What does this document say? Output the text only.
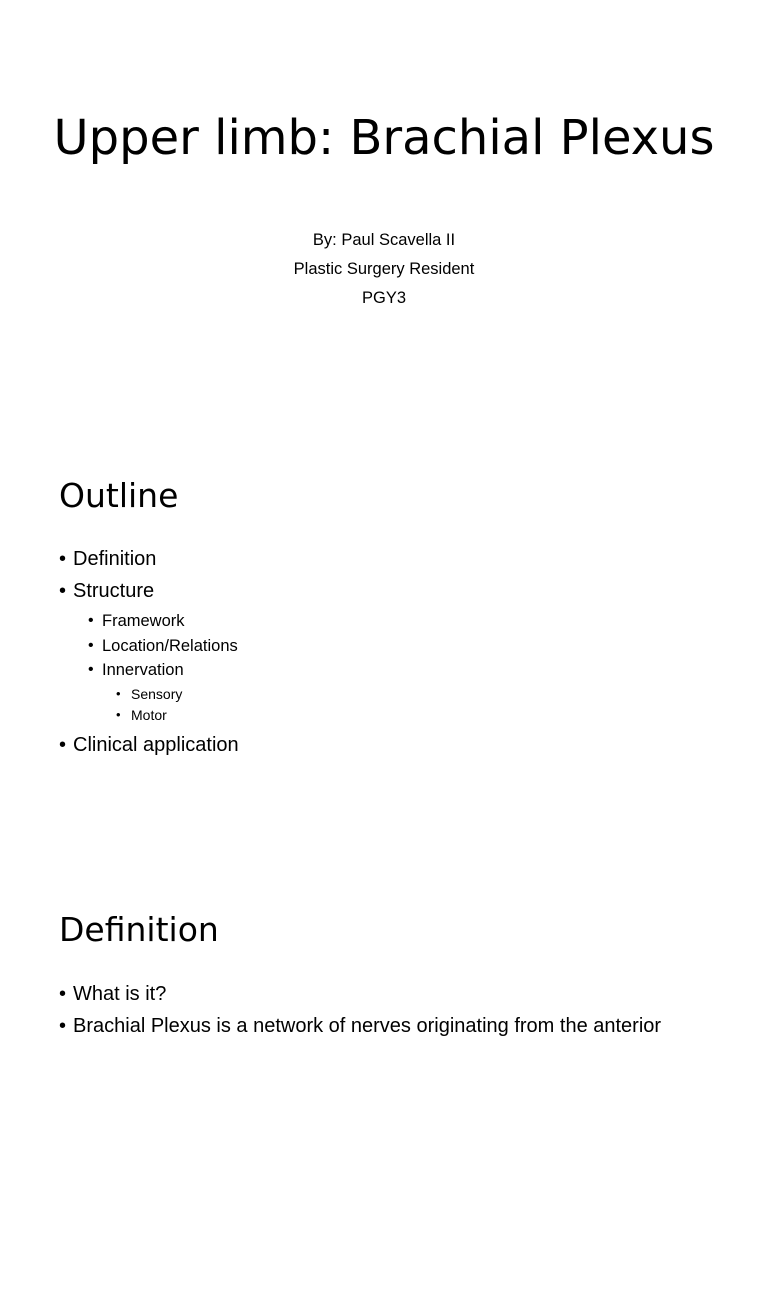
Upper limb: Brachial Plexus
By: Paul Scavella II
Plastic Surgery Resident
PGY3
Outline
• Definition
• Structure
• Framework
• Location/Relations
• Innervation
• Sensory
• Motor
• Clinical application
Definition
• What is it?
• Brachial Plexus is a network of nerves originating from the anterior
